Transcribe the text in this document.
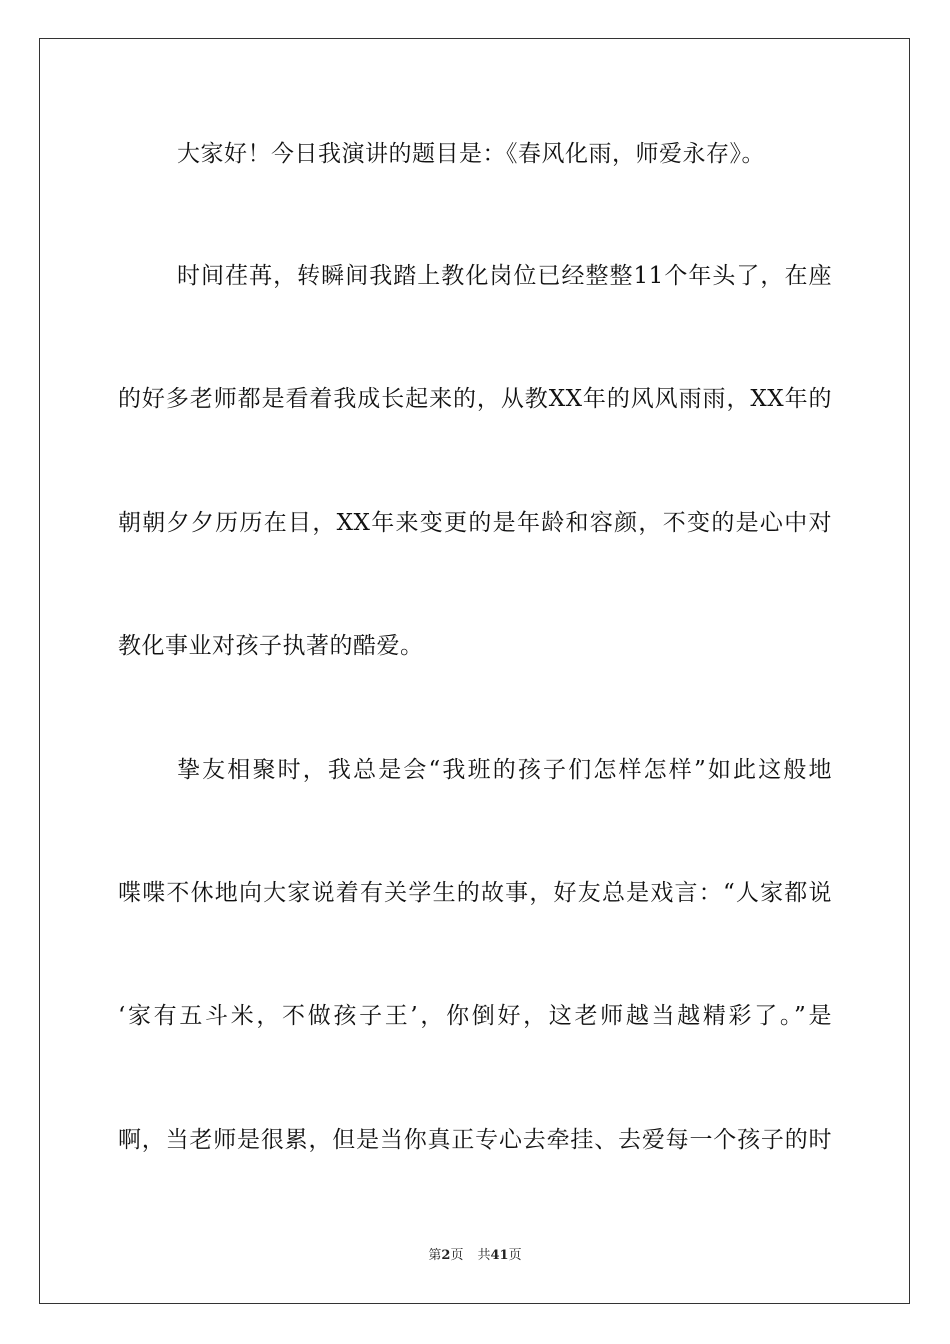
大家好！今日我演讲的题目是：《春风化雨，师爱永存》。
时间荏苒，转瞬间我踏上教化岗位已经整整11个年头了，在座
的好多老师都是看着我成长起来的，从教XX年的风风雨雨，XX年的
朝朝夕夕历历在目，XX年来变更的是年龄和容颜，不变的是心中对
教化事业对孩子执著的酷爱。
挚友相聚时，我总是会“我班的孩子们怎样怎样”如此这般地
喋喋不休地向大家说着有关学生的故事，好友总是戏言：“人家都说
‘家有五斗米，不做孩子王’，你倒好，这老师越当越精彩了。”是
啊，当老师是很累，但是当你真正专心去牵挂、去爱每一个孩子的时
第2页 共41页
